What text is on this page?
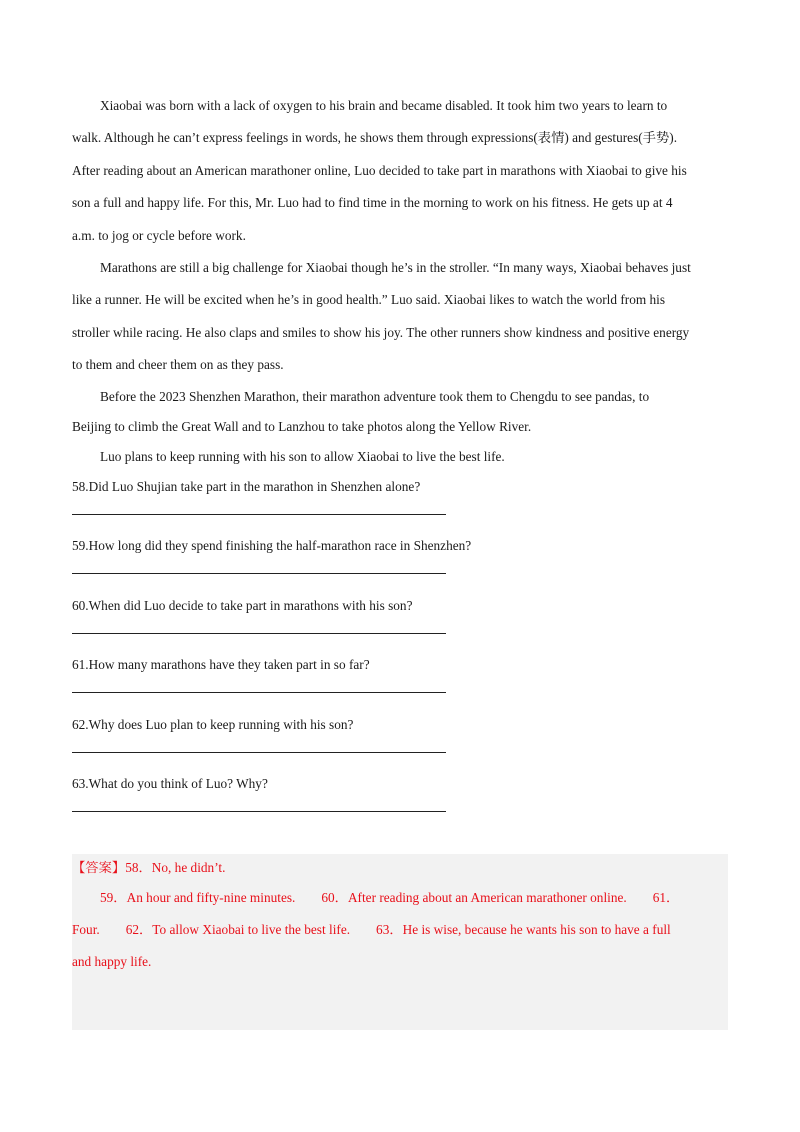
Xiaobai was born with a lack of oxygen to his brain and became disabled. It took him two years to learn to
walk. Although he can’t express feelings in words, he shows them through expressions(表情) and gestures(手势).
After reading about an American marathoner online, Luo decided to take part in marathons with Xiaobai to give his
son a full and happy life. For this, Mr. Luo had to find time in the morning to work on his fitness. He gets up at 4
a.m. to jog or cycle before work.
Marathons are still a big challenge for Xiaobai though he’s in the stroller. “In many ways, Xiaobai behaves just
like a runner. He will be excited when he’s in good health.” Luo said. Xiaobai likes to watch the world from his
stroller while racing. He also claps and smiles to show his joy. The other runners show kindness and positive energy
to them and cheer them on as they pass.
Before the 2023 Shenzhen Marathon, their marathon adventure took them to Chengdu to see pandas, to
Beijing to climb the Great Wall and to Lanzhou to take photos along the Yellow River.
Luo plans to keep running with his son to allow Xiaobai to live the best life.
58.Did Luo Shujian take part in the marathon in Shenzhen alone?
59.How long did they spend finishing the half-marathon race in Shenzhen?
60.When did Luo decide to take part in marathons with his son?
61.How many marathons have they taken part in so far?
62.Why does Luo plan to keep running with his son?
63.What do you think of Luo? Why?

【答案】58．No, he didn’t.

59．An hour and fifty-nine minutes. 60．After reading about an American marathoner online. 61．

Four. 62．To allow Xiaobai to live the best life. 63．He is wise, because he wants his son to have a full

and happy life.
